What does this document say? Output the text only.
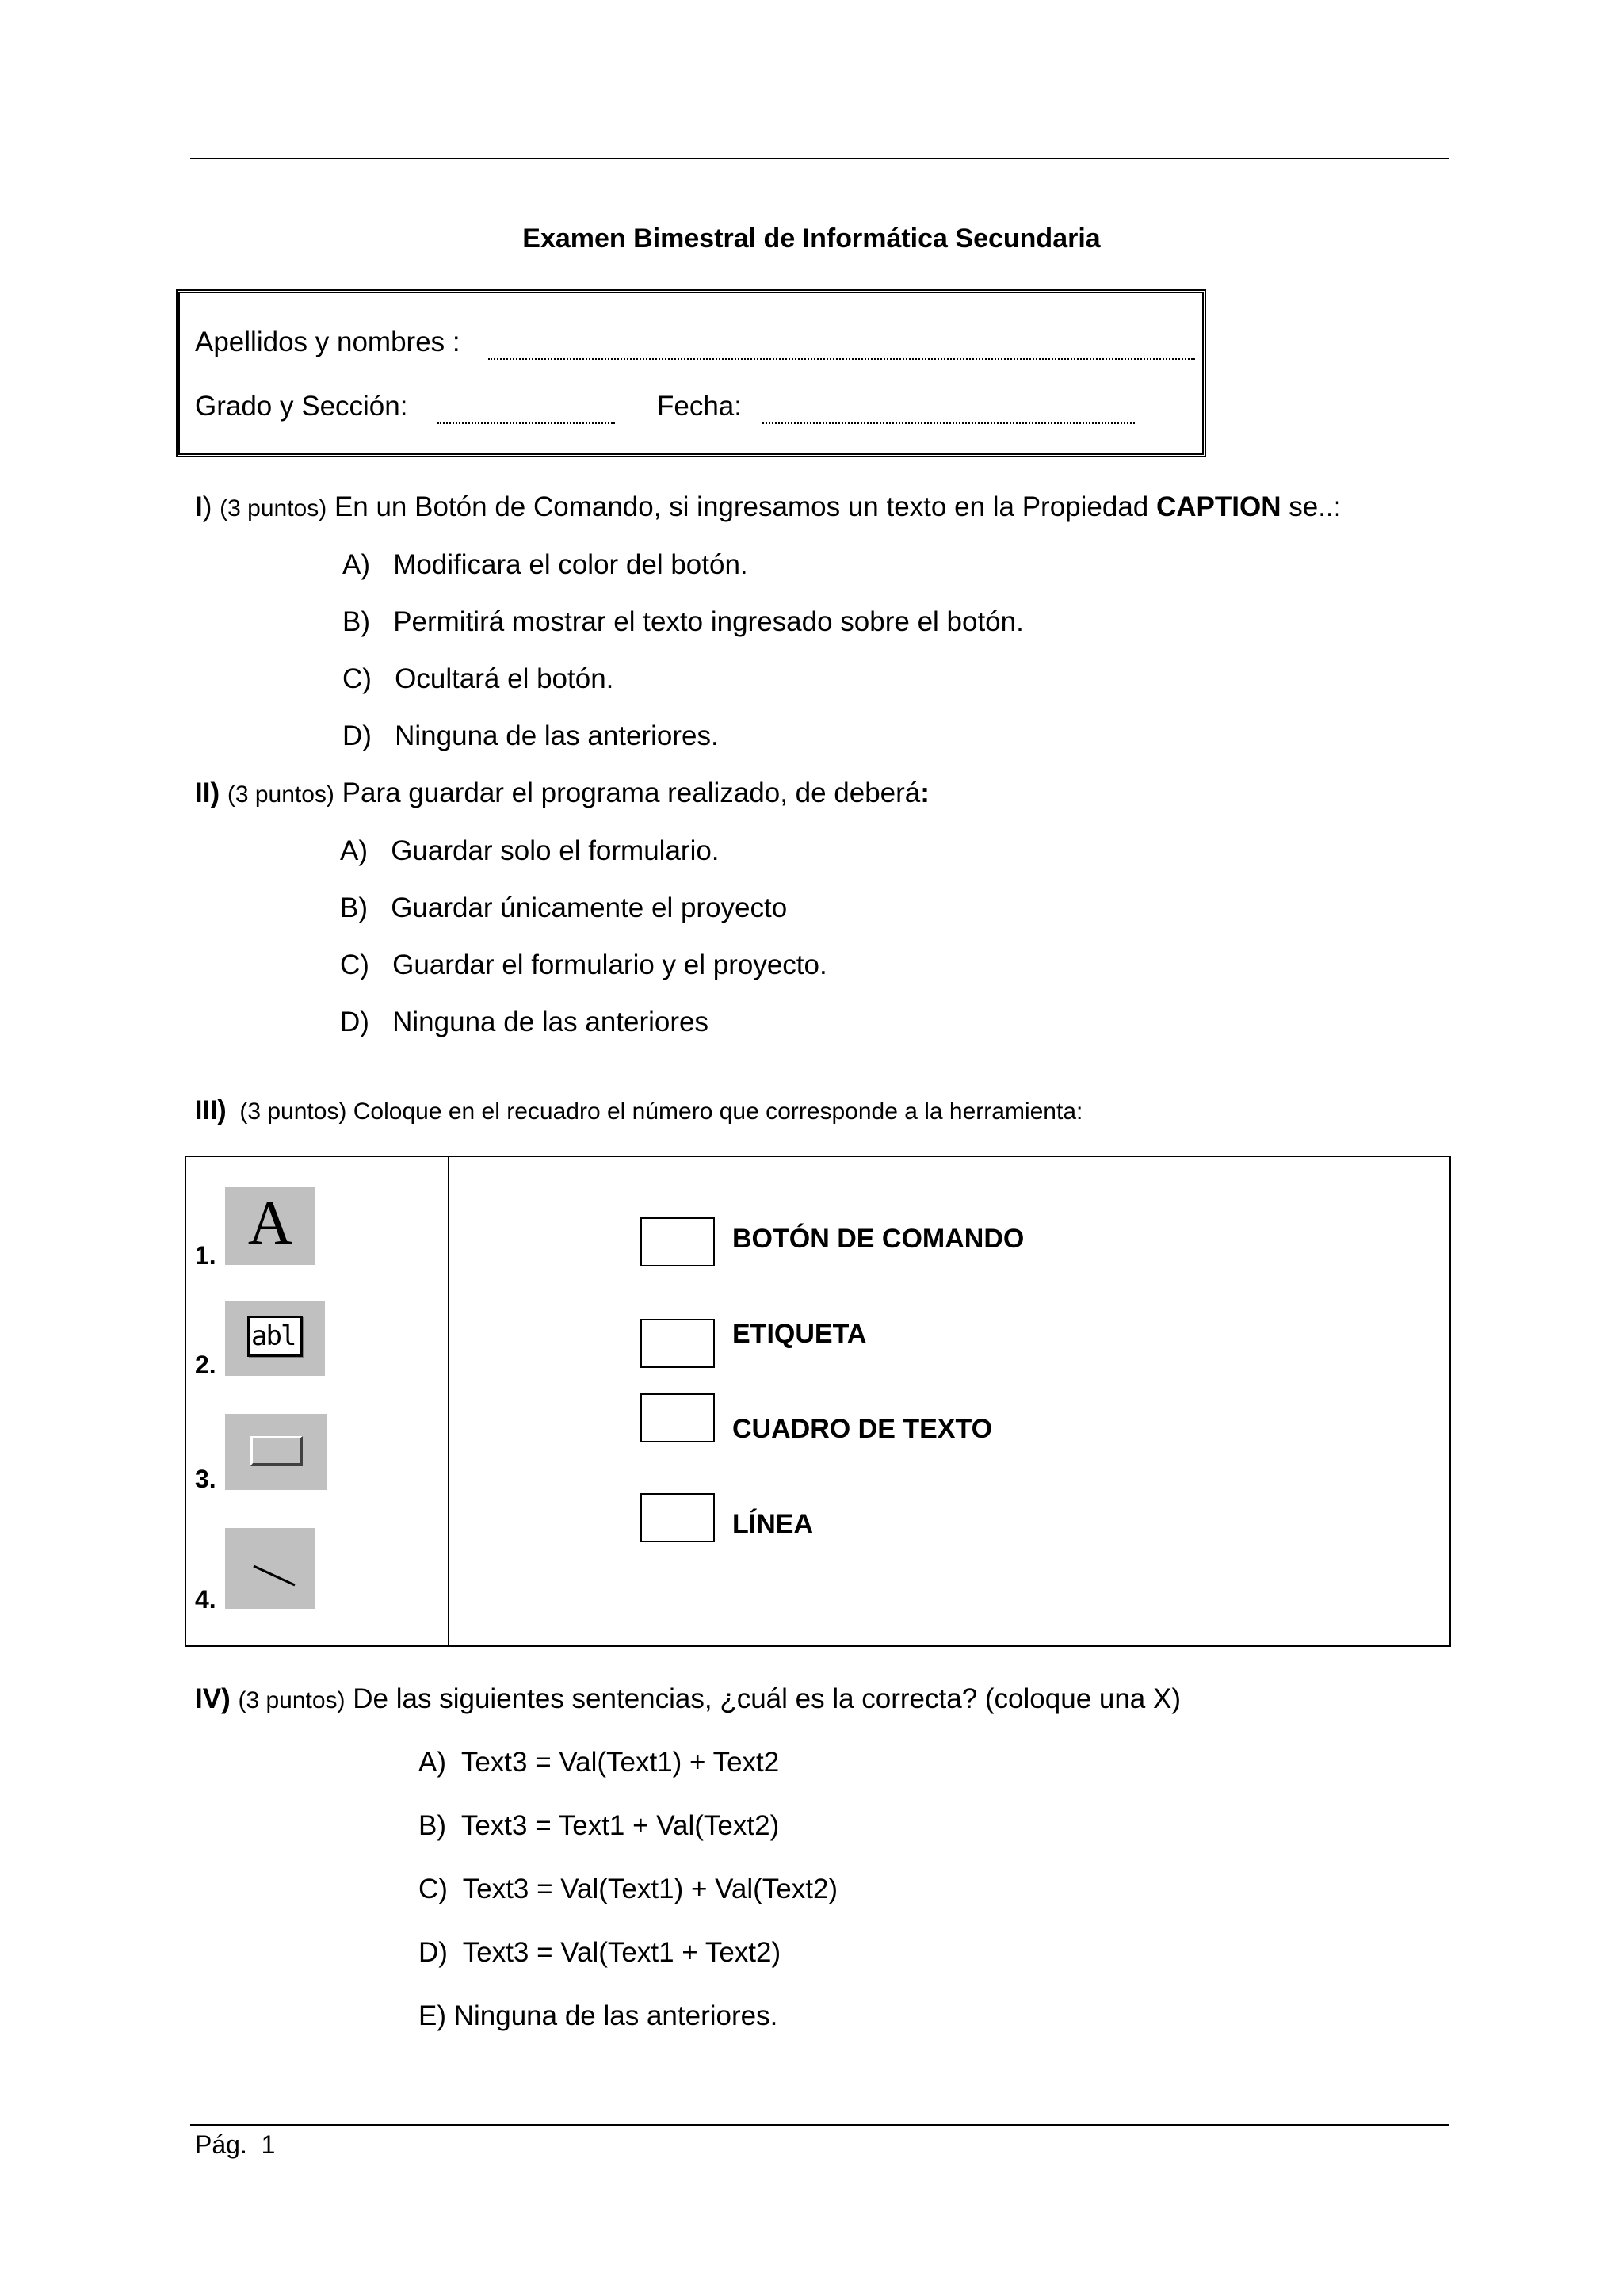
Examen Bimestral de Informática Secundaria
Apellidos y nombres :
Grado y Sección:	Fecha:
I) (3 puntos) En un Botón de Comando, si ingresamos un texto en la Propiedad CAPTION se..:
A) Modificara el color del botón.
B) Permitirá mostrar el texto ingresado sobre el botón.
C) Ocultará el botón.
D) Ninguna de las anteriores.
II) (3 puntos) Para guardar el programa realizado, de deberá:
A) Guardar solo el formulario.
B) Guardar únicamente el proyecto
C) Guardar el formulario y el proyecto.
D) Ninguna de las anteriores
III) (3 puntos) Coloque en el recuadro el número que corresponde a la herramienta:
1. A
2.
abl
3.
4.
BOTÓN DE COMANDO
ETIQUETA
CUADRO DE TEXTO
LÍNEA
IV) (3 puntos) De las siguientes sentencias, ¿cuál es la correcta? (coloque una X)
A)  Text3 = Val(Text1) + Text2
B)  Text3 = Text1 + Val(Text2)
C)  Text3 = Val(Text1) + Val(Text2)
D)  Text3 = Val(Text1 + Text2)
E) Ninguna de las anteriores.
Pág.  1
